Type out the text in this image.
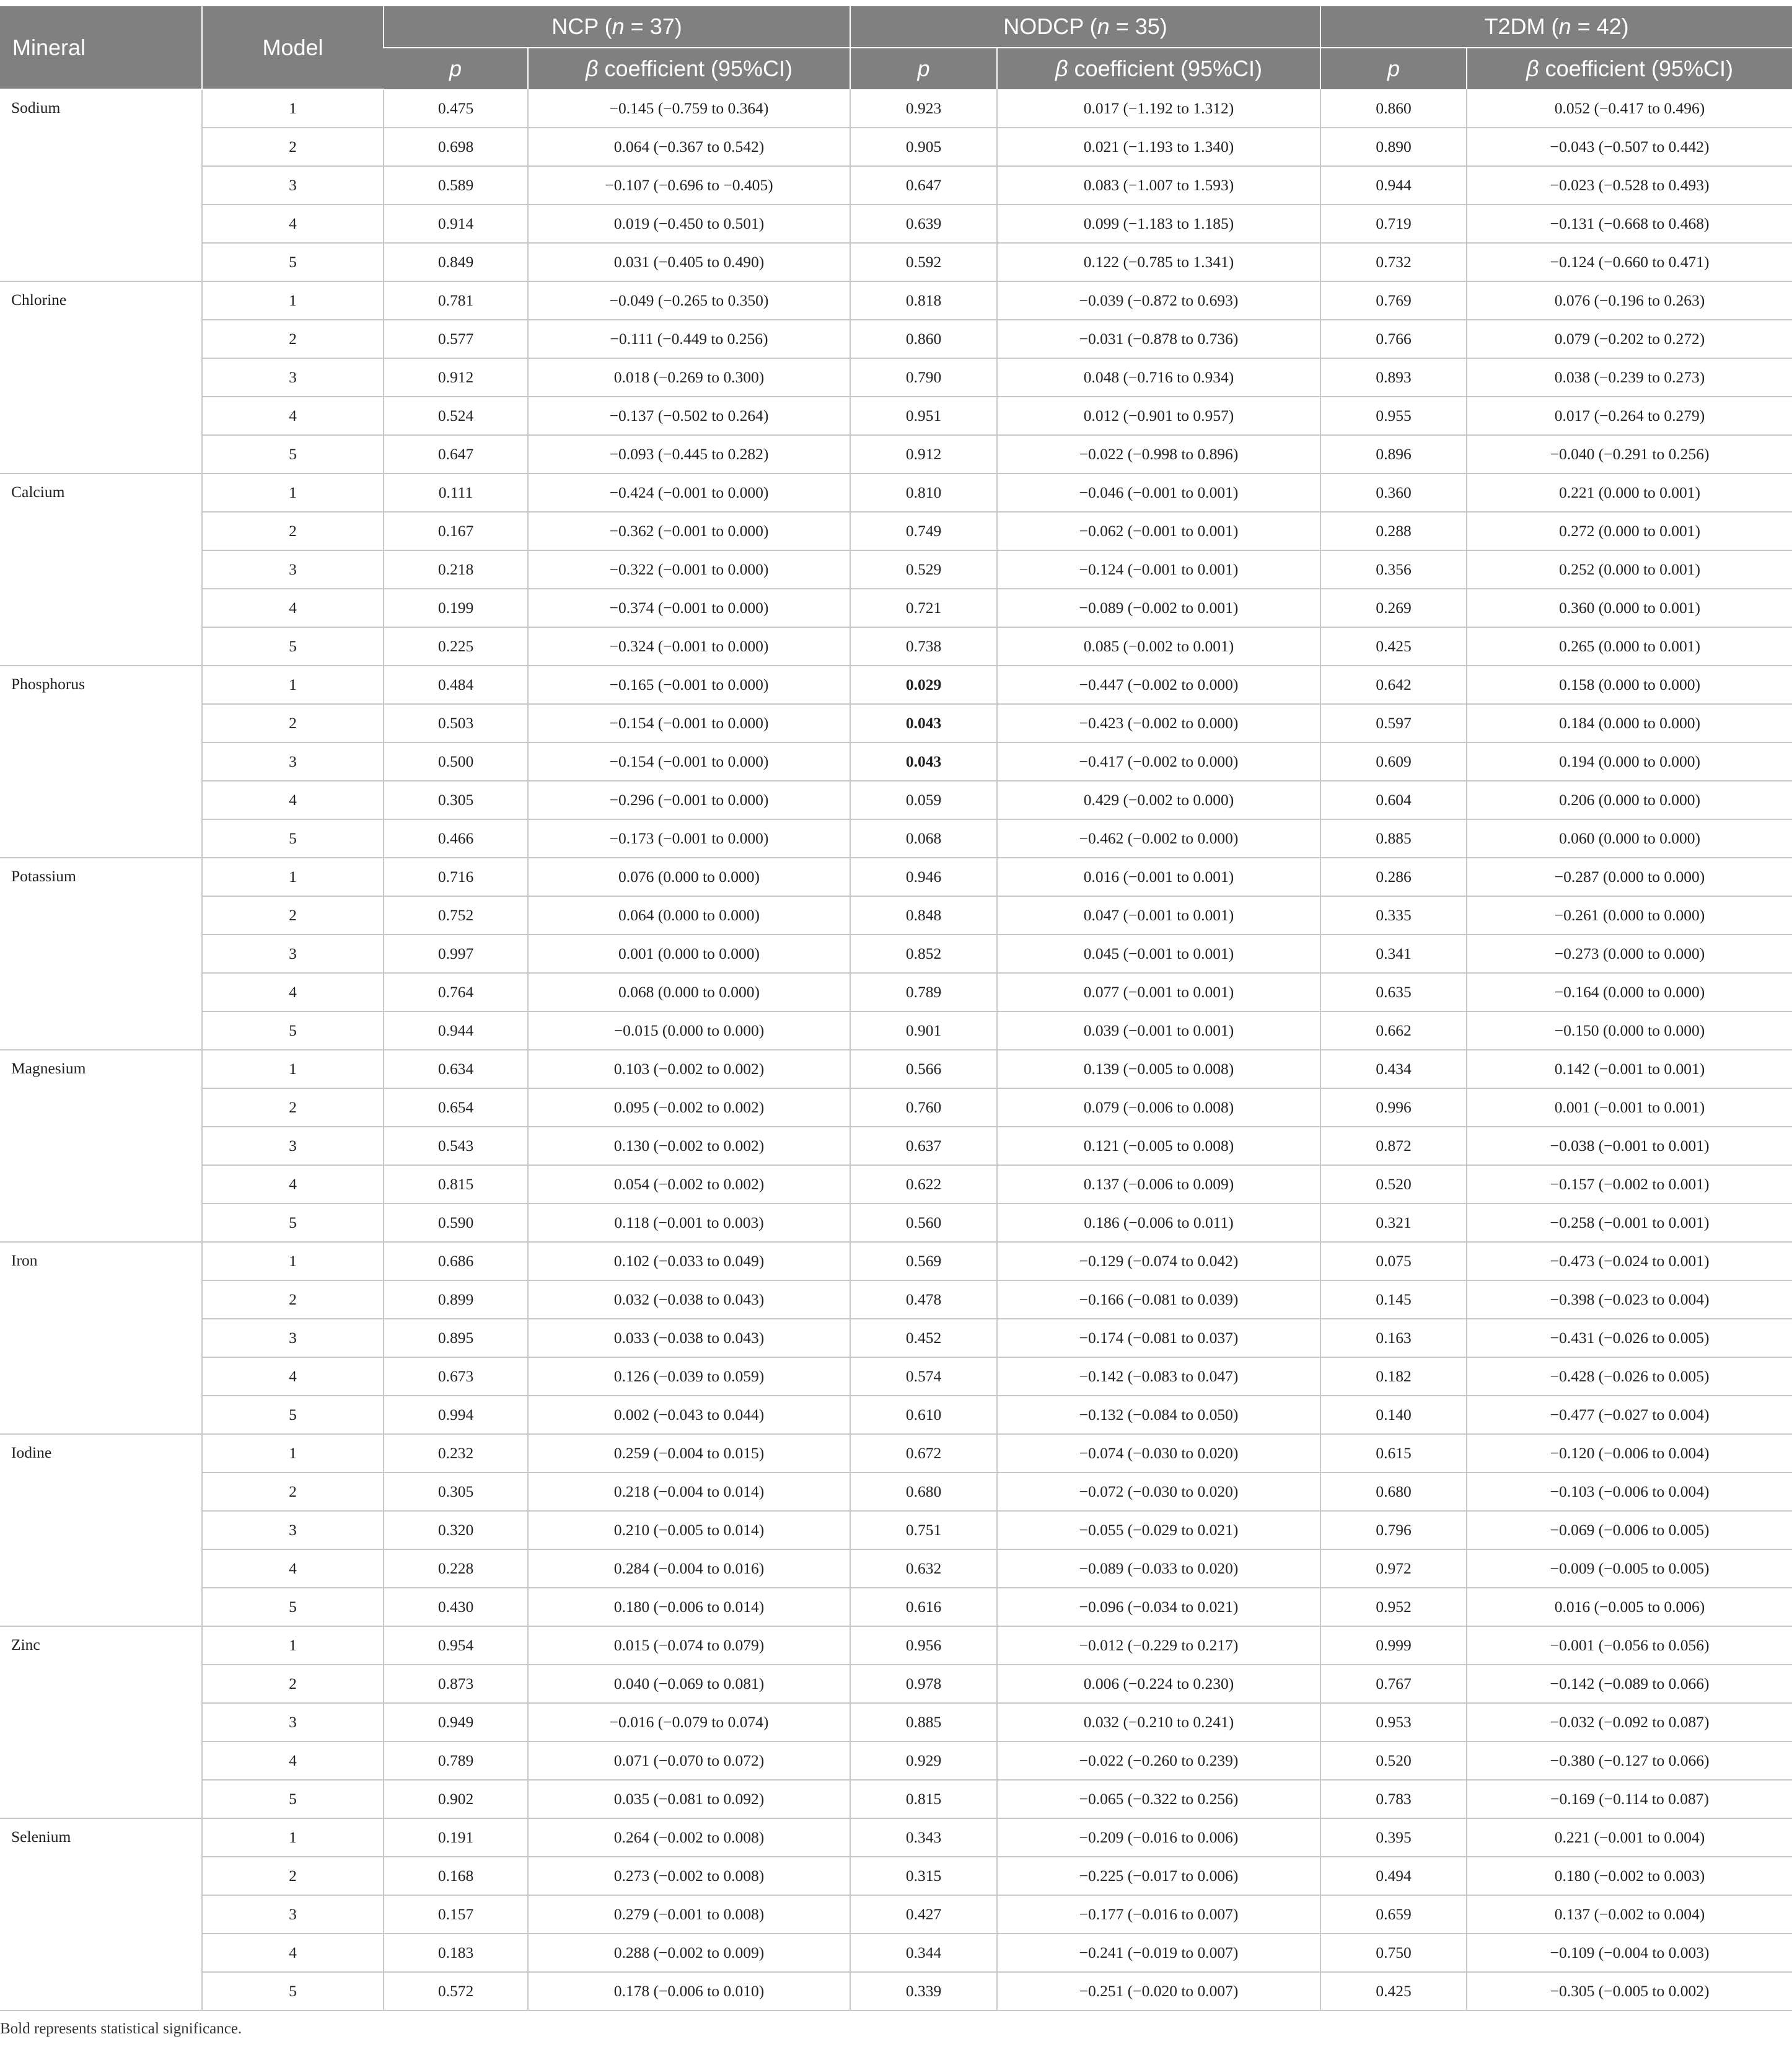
Mineral	Model	NCP (n = 37)		NODCP (n = 35)		T2DM (n = 42)	
		p	β coefficient (95%CI)	p	β coefficient (95%CI)	p	β coefficient (95%CI)
Sodium	1	0.475	−0.145 (−0.759 to 0.364)	0.923	0.017 (−1.192 to 1.312)	0.860	0.052 (−0.417 to 0.496)
	2	0.698	0.064 (−0.367 to 0.542)	0.905	0.021 (−1.193 to 1.340)	0.890	−0.043 (−0.507 to 0.442)
	3	0.589	−0.107 (−0.696 to −0.405)	0.647	0.083 (−1.007 to 1.593)	0.944	−0.023 (−0.528 to 0.493)
	4	0.914	0.019 (−0.450 to 0.501)	0.639	0.099 (−1.183 to 1.185)	0.719	−0.131 (−0.668 to 0.468)
	5	0.849	0.031 (−0.405 to 0.490)	0.592	0.122 (−0.785 to 1.341)	0.732	−0.124 (−0.660 to 0.471)
Chlorine	1	0.781	−0.049 (−0.265 to 0.350)	0.818	−0.039 (−0.872 to 0.693)	0.769	0.076 (−0.196 to 0.263)
	2	0.577	−0.111 (−0.449 to 0.256)	0.860	−0.031 (−0.878 to 0.736)	0.766	0.079 (−0.202 to 0.272)
	3	0.912	0.018 (−0.269 to 0.300)	0.790	0.048 (−0.716 to 0.934)	0.893	0.038 (−0.239 to 0.273)
	4	0.524	−0.137 (−0.502 to 0.264)	0.951	0.012 (−0.901 to 0.957)	0.955	0.017 (−0.264 to 0.279)
	5	0.647	−0.093 (−0.445 to 0.282)	0.912	−0.022 (−0.998 to 0.896)	0.896	−0.040 (−0.291 to 0.256)
Calcium	1	0.111	−0.424 (−0.001 to 0.000)	0.810	−0.046 (−0.001 to 0.001)	0.360	0.221 (0.000 to 0.001)
	2	0.167	−0.362 (−0.001 to 0.000)	0.749	−0.062 (−0.001 to 0.001)	0.288	0.272 (0.000 to 0.001)
	3	0.218	−0.322 (−0.001 to 0.000)	0.529	−0.124 (−0.001 to 0.001)	0.356	0.252 (0.000 to 0.001)
	4	0.199	−0.374 (−0.001 to 0.000)	0.721	−0.089 (−0.002 to 0.001)	0.269	0.360 (0.000 to 0.001)
	5	0.225	−0.324 (−0.001 to 0.000)	0.738	0.085 (−0.002 to 0.001)	0.425	0.265 (0.000 to 0.001)
Phosphorus	1	0.484	−0.165 (−0.001 to 0.000)	0.029	−0.447 (−0.002 to 0.000)	0.642	0.158 (0.000 to 0.000)
	2	0.503	−0.154 (−0.001 to 0.000)	0.043	−0.423 (−0.002 to 0.000)	0.597	0.184 (0.000 to 0.000)
	3	0.500	−0.154 (−0.001 to 0.000)	0.043	−0.417 (−0.002 to 0.000)	0.609	0.194 (0.000 to 0.000)
	4	0.305	−0.296 (−0.001 to 0.000)	0.059	0.429 (−0.002 to 0.000)	0.604	0.206 (0.000 to 0.000)
	5	0.466	−0.173 (−0.001 to 0.000)	0.068	−0.462 (−0.002 to 0.000)	0.885	0.060 (0.000 to 0.000)
Potassium	1	0.716	0.076 (0.000 to 0.000)	0.946	0.016 (−0.001 to 0.001)	0.286	−0.287 (0.000 to 0.000)
	2	0.752	0.064 (0.000 to 0.000)	0.848	0.047 (−0.001 to 0.001)	0.335	−0.261 (0.000 to 0.000)
	3	0.997	0.001 (0.000 to 0.000)	0.852	0.045 (−0.001 to 0.001)	0.341	−0.273 (0.000 to 0.000)
	4	0.764	0.068 (0.000 to 0.000)	0.789	0.077 (−0.001 to 0.001)	0.635	−0.164 (0.000 to 0.000)
	5	0.944	−0.015 (0.000 to 0.000)	0.901	0.039 (−0.001 to 0.001)	0.662	−0.150 (0.000 to 0.000)
Magnesium	1	0.634	0.103 (−0.002 to 0.002)	0.566	0.139 (−0.005 to 0.008)	0.434	0.142 (−0.001 to 0.001)
	2	0.654	0.095 (−0.002 to 0.002)	0.760	0.079 (−0.006 to 0.008)	0.996	0.001 (−0.001 to 0.001)
	3	0.543	0.130 (−0.002 to 0.002)	0.637	0.121 (−0.005 to 0.008)	0.872	−0.038 (−0.001 to 0.001)
	4	0.815	0.054 (−0.002 to 0.002)	0.622	0.137 (−0.006 to 0.009)	0.520	−0.157 (−0.002 to 0.001)
	5	0.590	0.118 (−0.001 to 0.003)	0.560	0.186 (−0.006 to 0.011)	0.321	−0.258 (−0.001 to 0.001)
Iron	1	0.686	0.102 (−0.033 to 0.049)	0.569	−0.129 (−0.074 to 0.042)	0.075	−0.473 (−0.024 to 0.001)
	2	0.899	0.032 (−0.038 to 0.043)	0.478	−0.166 (−0.081 to 0.039)	0.145	−0.398 (−0.023 to 0.004)
	3	0.895	0.033 (−0.038 to 0.043)	0.452	−0.174 (−0.081 to 0.037)	0.163	−0.431 (−0.026 to 0.005)
	4	0.673	0.126 (−0.039 to 0.059)	0.574	−0.142 (−0.083 to 0.047)	0.182	−0.428 (−0.026 to 0.005)
	5	0.994	0.002 (−0.043 to 0.044)	0.610	−0.132 (−0.084 to 0.050)	0.140	−0.477 (−0.027 to 0.004)
Iodine	1	0.232	0.259 (−0.004 to 0.015)	0.672	−0.074 (−0.030 to 0.020)	0.615	−0.120 (−0.006 to 0.004)
	2	0.305	0.218 (−0.004 to 0.014)	0.680	−0.072 (−0.030 to 0.020)	0.680	−0.103 (−0.006 to 0.004)
	3	0.320	0.210 (−0.005 to 0.014)	0.751	−0.055 (−0.029 to 0.021)	0.796	−0.069 (−0.006 to 0.005)
	4	0.228	0.284 (−0.004 to 0.016)	0.632	−0.089 (−0.033 to 0.020)	0.972	−0.009 (−0.005 to 0.005)
	5	0.430	0.180 (−0.006 to 0.014)	0.616	−0.096 (−0.034 to 0.021)	0.952	0.016 (−0.005 to 0.006)
Zinc	1	0.954	0.015 (−0.074 to 0.079)	0.956	−0.012 (−0.229 to 0.217)	0.999	−0.001 (−0.056 to 0.056)
	2	0.873	0.040 (−0.069 to 0.081)	0.978	0.006 (−0.224 to 0.230)	0.767	−0.142 (−0.089 to 0.066)
	3	0.949	−0.016 (−0.079 to 0.074)	0.885	0.032 (−0.210 to 0.241)	0.953	−0.032 (−0.092 to 0.087)
	4	0.789	0.071 (−0.070 to 0.072)	0.929	−0.022 (−0.260 to 0.239)	0.520	−0.380 (−0.127 to 0.066)
	5	0.902	0.035 (−0.081 to 0.092)	0.815	−0.065 (−0.322 to 0.256)	0.783	−0.169 (−0.114 to 0.087)
Selenium	1	0.191	0.264 (−0.002 to 0.008)	0.343	−0.209 (−0.016 to 0.006)	0.395	0.221 (−0.001 to 0.004)
	2	0.168	0.273 (−0.002 to 0.008)	0.315	−0.225 (−0.017 to 0.006)	0.494	0.180 (−0.002 to 0.003)
	3	0.157	0.279 (−0.001 to 0.008)	0.427	−0.177 (−0.016 to 0.007)	0.659	0.137 (−0.002 to 0.004)
	4	0.183	0.288 (−0.002 to 0.009)	0.344	−0.241 (−0.019 to 0.007)	0.750	−0.109 (−0.004 to 0.003)
	5	0.572	0.178 (−0.006 to 0.010)	0.339	−0.251 (−0.020 to 0.007)	0.425	−0.305 (−0.005 to 0.002)
Bold represents statistical significance.
